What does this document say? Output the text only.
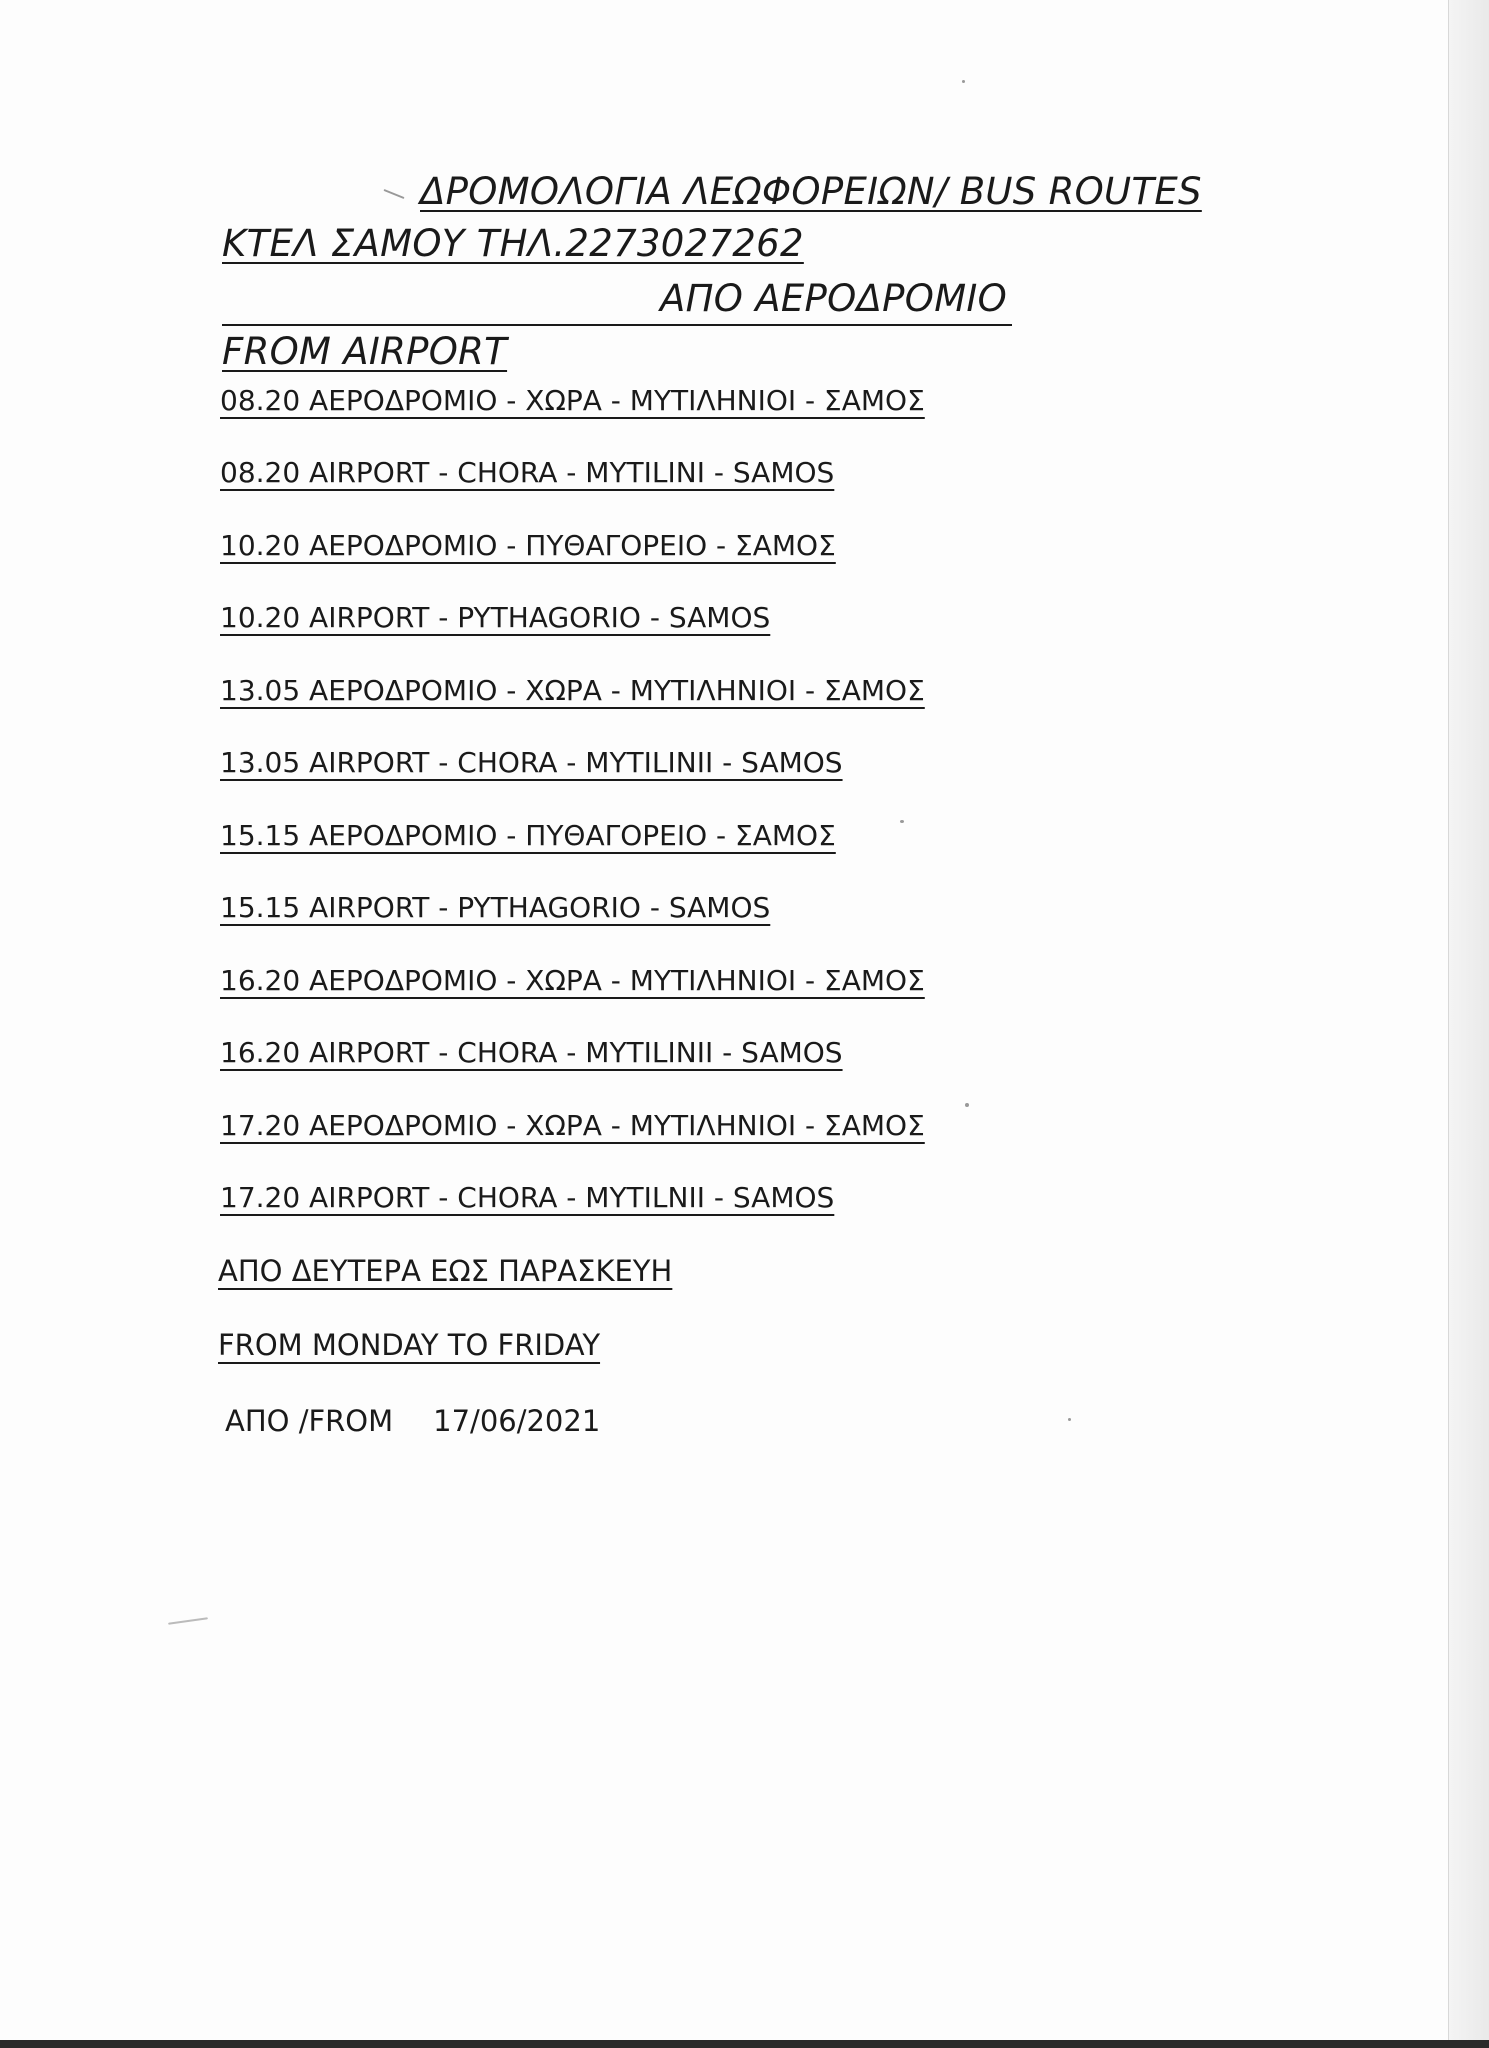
ΔΡΟΜΟΛΟΓΙΑ ΛΕΩΦΟΡΕΙΩΝ/ BUS ROUTES
ΚΤΕΛ ΣΑΜΟΥ ΤΗΛ.2273027262
ΑΠΟ ΑΕΡΟΔΡΟΜΙΟ
FROM AIRPORT
08.20 ΑΕΡΟΔΡΟΜΙΟ - ΧΩΡΑ - ΜΥΤΙΛΗΝΙΟΙ - ΣΑΜΟΣ
08.20 AIRPORT - CHORA - MYTILINI - SAMOS
10.20 ΑΕΡΟΔΡΟΜΙΟ - ΠΥΘΑΓΟΡΕΙΟ - ΣΑΜΟΣ
10.20 AIRPORT - PYTHAGORIO - SAMOS
13.05 ΑΕΡΟΔΡΟΜΙΟ - ΧΩΡΑ - ΜΥΤΙΛΗΝΙΟΙ - ΣΑΜΟΣ
13.05 AIRPORT - CHORA - MYTILINII - SAMOS
15.15 ΑΕΡΟΔΡΟΜΙΟ - ΠΥΘΑΓΟΡΕΙΟ - ΣΑΜΟΣ
15.15 AIRPORT - PYTHAGORIO - SAMOS
16.20 ΑΕΡΟΔΡΟΜΙΟ - ΧΩΡΑ - ΜΥΤΙΛΗΝΙΟΙ - ΣΑΜΟΣ
16.20 AIRPORT - CHORA - MYTILINII - SAMOS
17.20 ΑΕΡΟΔΡΟΜΙΟ - ΧΩΡΑ - ΜΥΤΙΛΗΝΙΟΙ - ΣΑΜΟΣ
17.20 AIRPORT - CHORA - MYTILNII - SAMOS
ΑΠΟ ΔΕΥΤΕΡΑ ΕΩΣ ΠΑΡΑΣΚΕΥΗ
FROM MONDAY TO FRIDAY
ΑΠΟ /FROM 17/06/2021
